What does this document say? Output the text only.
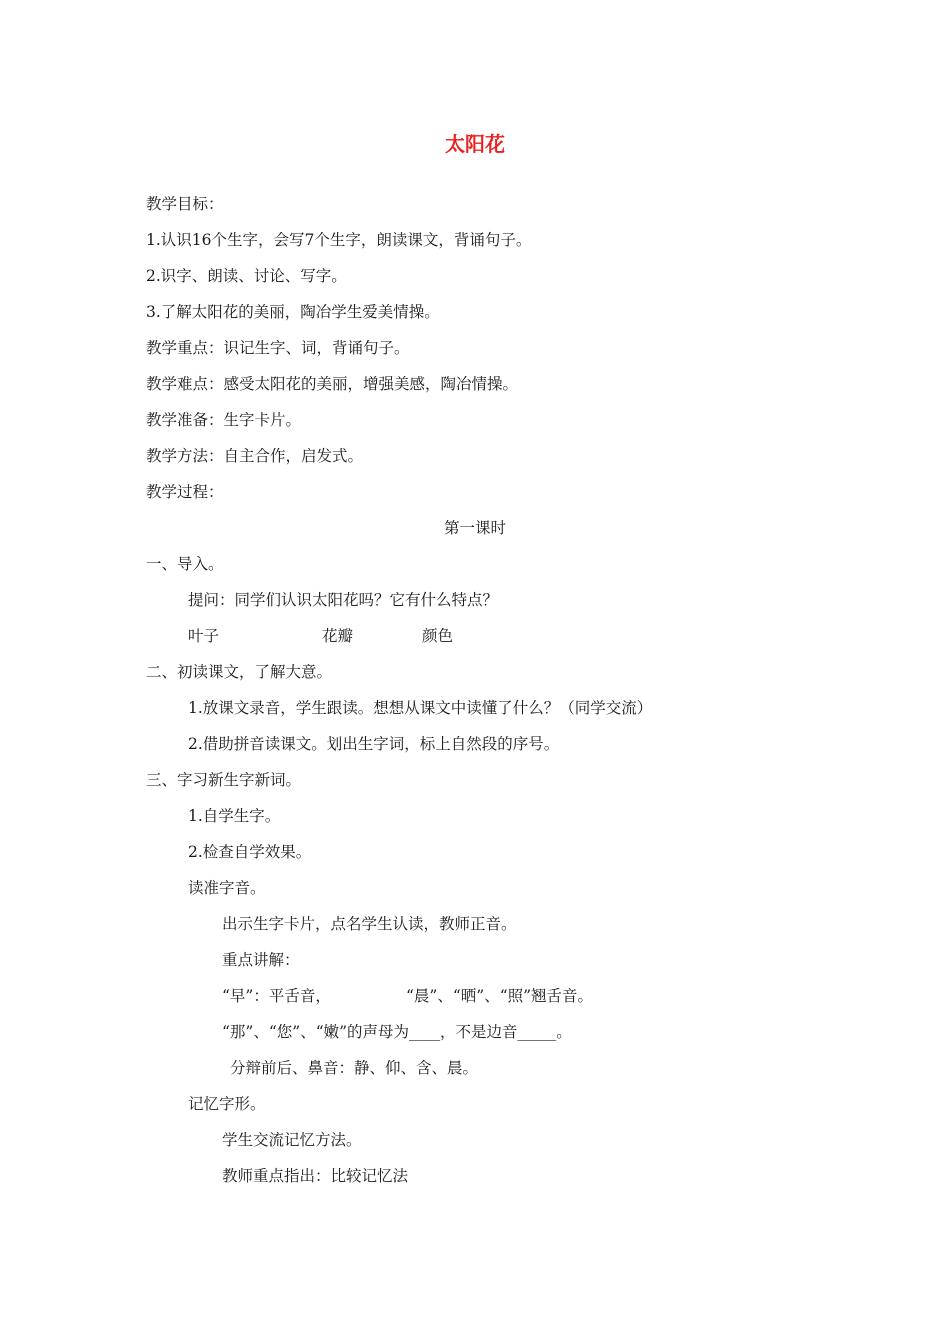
太阳花
教学目标：
1.认识16个生字，会写7个生字，朗读课文，背诵句子。
2.识字、朗读、讨论、写字。
3.了解太阳花的美丽，陶冶学生爱美情操。
教学重点：识记生字、词，背诵句子。
教学难点：感受太阳花的美丽，增强美感，陶冶情操。
教学准备：生字卡片。
教学方法：自主合作，启发式。
教学过程：
第一课时
一、导入。
提问：同学们认识太阳花吗？它有什么特点？
叶子	花瓣	颜色
二、初读课文，了解大意。
1.放课文录音，学生跟读。想想从课文中读懂了什么？（同学交流）
2.借助拼音读课文。划出生字词，标上自然段的序号。
三、字习新生字新词。
1.自学生字。
2.检查自学效果。
读准字音。
出示生字卡片，点名学生认读，教师正音。
重点讲解：
“早”：平舌音，	“晨”、“晒”、“照”翘舌音。
“那”、“您”、“嫩”的声母为____，不是边音_____。
分辩前后、鼻音：静、仰、含、晨。
记忆字形。
学生交流记忆方法。
教师重点指出：比较记忆法
